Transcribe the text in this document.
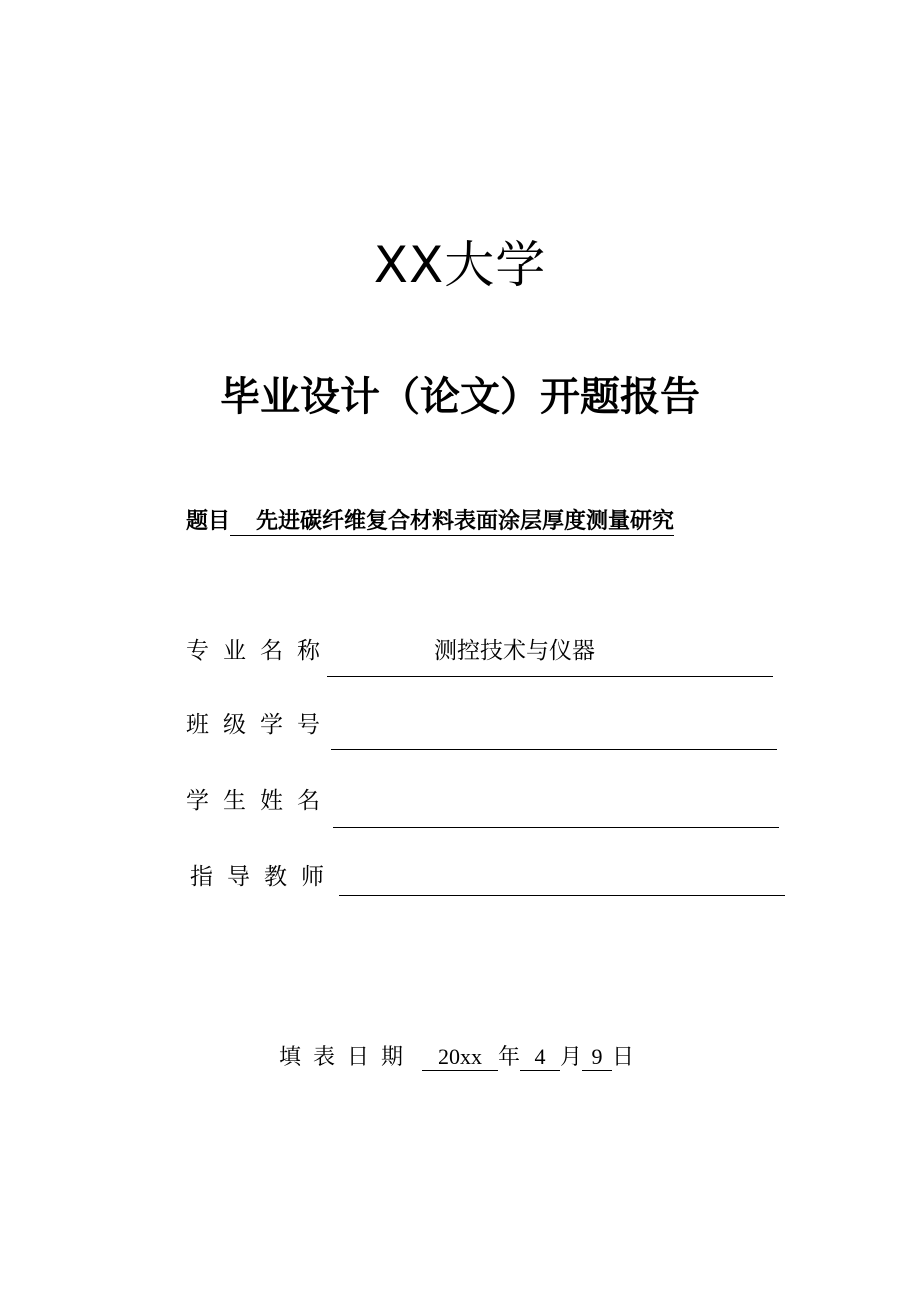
XX大学
毕业设计（论文）开题报告
题目 先进碳纤维复合材料表面涂层厚度测量研究
专业名称	测控技术与仪器
班级学号
学生姓名
指导教师
填表日期 20xx 年 4 月 9 日
